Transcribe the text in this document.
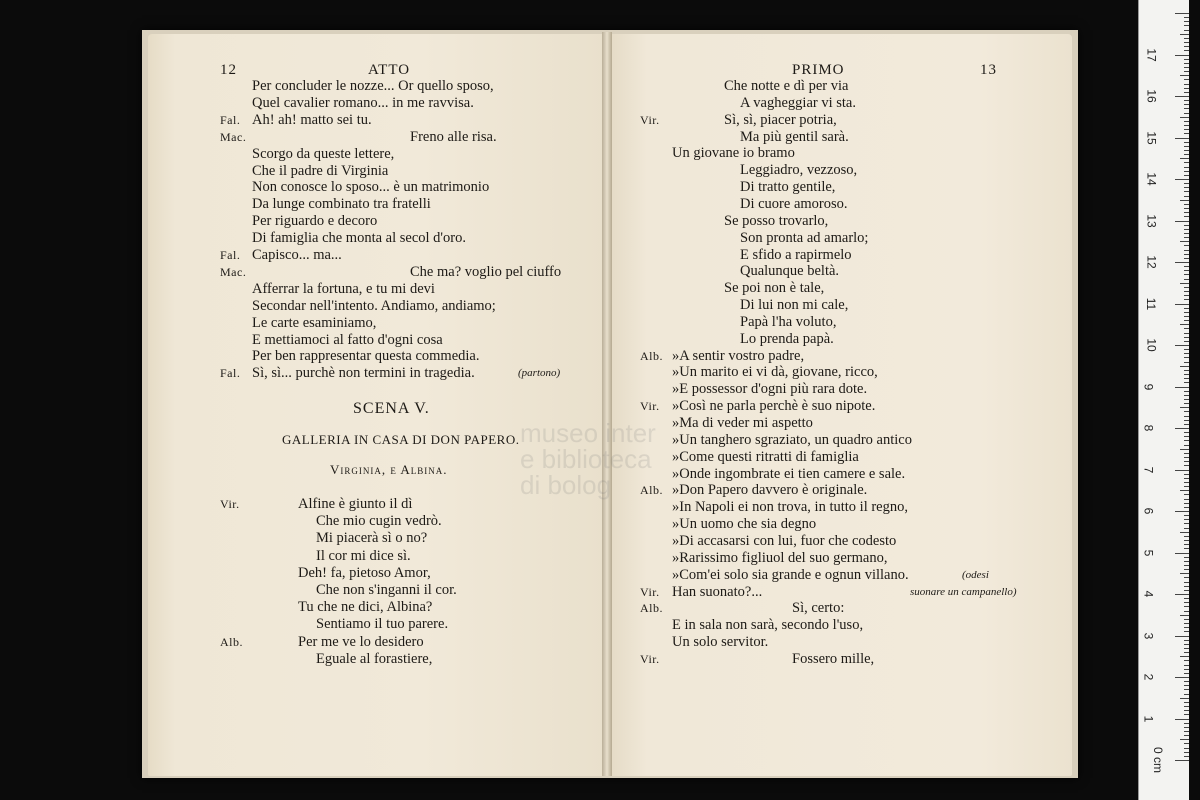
12	ATTO
Per concluder le nozze... Or quello sposo,
Quel cavalier romano... in me ravvisa.
Fal. Ah! ah! matto sei tu.
Mac.	Freno alle risa.
Scorgo da queste lettere,
Che il padre di Virginia
Non conosce lo sposo... è un matrimonio
Da lunge combinato tra fratelli
Per riguardo e decoro
Di famiglia che monta al secol d'oro.
Fal. Capisco... ma...
Mac.	Che ma? voglio pel ciuffo
Afferrar la fortuna, e tu mi devi
Secondar nell'intento. Andiamo, andiamo;
Le carte esaminiamo,
E mettiamoci al fatto d'ogni cosa
Per ben rappresentar questa commedia.
Fal. Sì, sì... purchè non termini in tragedia.	(partono)
SCENA V.
GALLERIA IN CASA DI DON PAPERO.
Virginia, e Albina.
Vir.	Alfine è giunto il dì
Che mio cugin vedrò.
Mi piacerà sì o no?
Il cor mi dice sì.
Deh! fa, pietoso Amor,
Che non s'inganni il cor.
Tu che ne dici, Albina?
Sentiamo il tuo parere.
Alb.	Per me ve lo desidero
Eguale al forastiere,
PRIMO	13
Che notte e dì per via
A vagheggiar vi sta.
Vir.	Sì, sì, piacer potria,
Ma più gentil sarà.
Un giovane io bramo
Leggiadro, vezzoso,
Di tratto gentile,
Di cuore amoroso.
Se posso trovarlo,
Son pronta ad amarlo;
E sfido a rapirmelo
Qualunque beltà.
Se poi non è tale,
Di lui non mi cale,
Papà l'ha voluto,
Lo prenda papà.
Alb. »A sentir vostro padre,
»Un marito ei vi dà, giovane, ricco,
»E possessor d'ogni più rara dote.
Vir. »Così ne parla perchè è suo nipote.
»Ma di veder mi aspetto
»Un tanghero sgraziato, un quadro antico
»Come questi ritratti di famiglia
»Onde ingombrate ei tien camere e sale.
Alb. »Don Papero davvero è originale.
»In Napoli ei non trova, in tutto il regno,
»Un uomo che sia degno
»Di accasarsi con lui, fuor che codesto
»Rarissimo figliuol del suo germano,
»Com'ei solo sia grande e ognun villano.	(odesi
Vir. Han suonato?...	suonare un campanello)
Alb.	Sì, certo:
E in sala non sarà, secondo l'uso,
Un solo servitor.
Vir.	Fossero mille,
museo inter
e biblioteca
di bolog
17
16
15
14
13
12
11
10
9
8
7
6
5
4
3
2
1
0 cm
